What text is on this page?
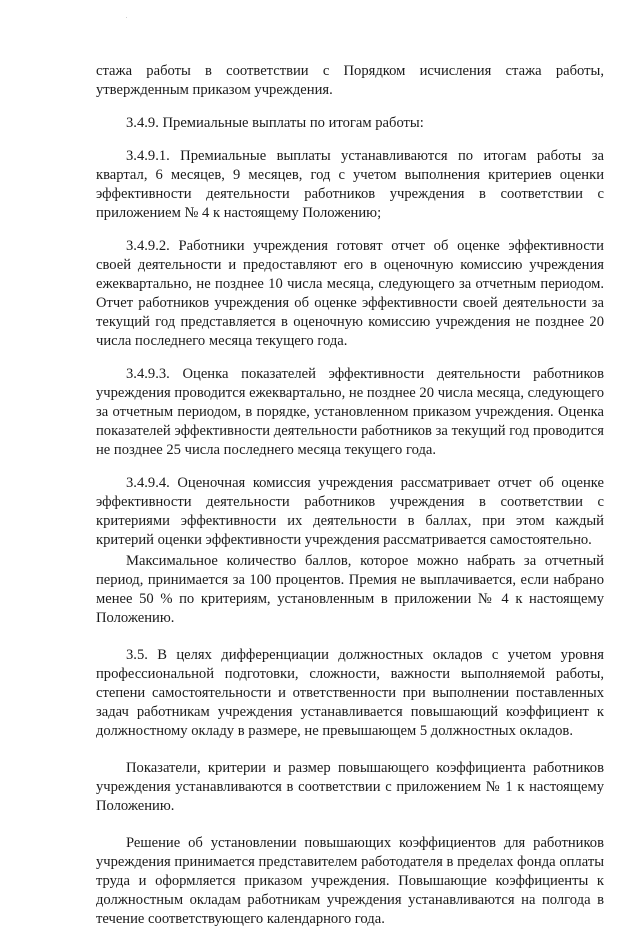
стажа работы в соответствии с Порядком исчисления стажа работы, утвержденным приказом учреждения.

3.4.9. Премиальные выплаты по итогам работы:

3.4.9.1. Премиальные выплаты устанавливаются по итогам работы за квартал, 6 месяцев, 9 месяцев, год с учетом выполнения критериев оценки эффективности деятельности работников учреждения в соответствии с приложением № 4 к настоящему Положению;

3.4.9.2. Работники учреждения готовят отчет об оценке эффективности своей деятельности и предоставляют его в оценочную комиссию учреждения ежеквартально, не позднее 10 числа месяца, следующего за отчетным периодом. Отчет работников учреждения об оценке эффективности своей деятельности за текущий год представляется в оценочную комиссию учреждения не позднее 20 числа последнего месяца текущего года.

3.4.9.3. Оценка показателей эффективности деятельности работников учреждения проводится ежеквартально, не позднее 20 числа месяца, следующего за отчетным периодом, в порядке, установленном приказом учреждения. Оценка показателей эффективности деятельности работников за текущий год проводится не позднее 25 числа последнего месяца текущего года.

3.4.9.4. Оценочная комиссия учреждения рассматривает отчет об оценке эффективности деятельности работников учреждения в соответствии с критериями эффективности их деятельности в баллах, при этом каждый критерий оценки эффективности учреждения рассматривается самостоятельно.

Максимальное количество баллов, которое можно набрать за отчетный период, принимается за 100 процентов. Премия не выплачивается, если набрано менее 50 % по критериям, установленным в приложении № 4 к настоящему Положению.

3.5. В целях дифференциации должностных окладов с учетом уровня профессиональной подготовки, сложности, важности выполняемой работы, степени самостоятельности и ответственности при выполнении поставленных задач работникам учреждения устанавливается повышающий коэффициент к должностному окладу в размере, не превышающем 5 должностных окладов.

Показатели, критерии и размер повышающего коэффициента работников учреждения устанавливаются в соответствии с приложением № 1 к настоящему Положению.

Решение об установлении повышающих коэффициентов для работников учреждения принимается представителем работодателя в пределах фонда оплаты труда и оформляется приказом учреждения. Повышающие коэффициенты к должностным окладам работникам учреждения устанавливаются на полгода в течение соответствующего календарного года.
